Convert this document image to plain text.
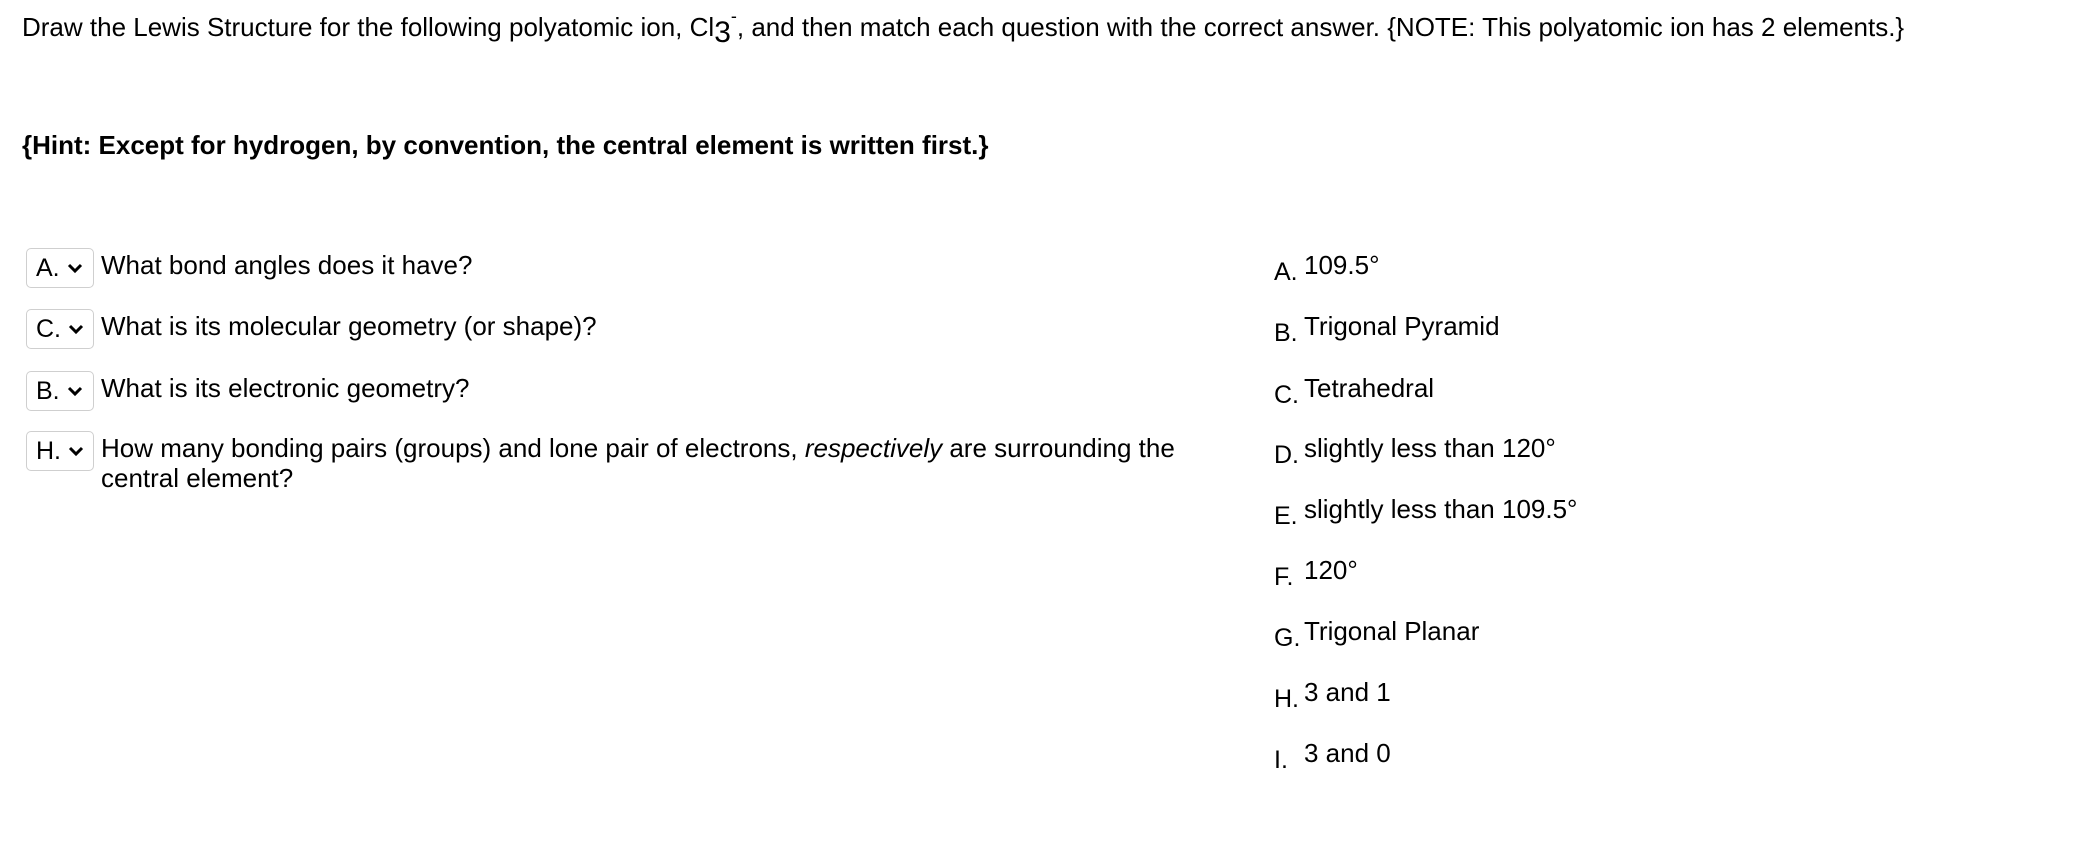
Draw the Lewis Structure for the following polyatomic ion, $Cl_3^-$, and then match each question with the correct answer. {NOTE: This polyatomic ion has 2 elements.}
{Hint: Except for hydrogen, by convention, the central element is written first.}
A. What bond angles does it have?
C. What is its molecular geometry (or shape)?
B. What is its electronic geometry?
H. How many bonding pairs (groups) and lone pair of electrons, respectively are surrounding the central element?
A. 109.5°
B. Trigonal Pyramid
C. Tetrahedral
D. slightly less than 120°
E. slightly less than 109.5°
F. 120°
G. Trigonal Planar
H. 3 and 1
I. 3 and 0
